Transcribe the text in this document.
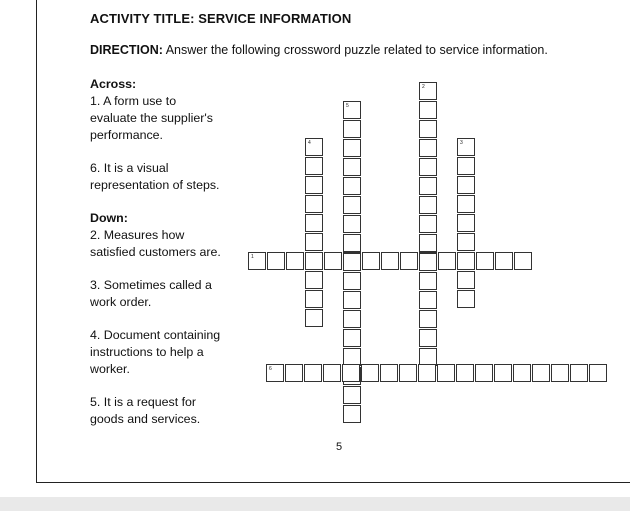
ACTIVITY TITLE: SERVICE INFORMATION
DIRECTION: Answer the following crossword puzzle related to service information.
Across:
1. A form use to
evaluate the supplier's
performance.
6. It is a visual
representation of steps.
Down:
2. Measures how
satisfied customers are.
3. Sometimes called a
work order.
4. Document containing
instructions to help a
worker.
5. It is a request for
goods and services.
1
2
3
4
5
6
5
